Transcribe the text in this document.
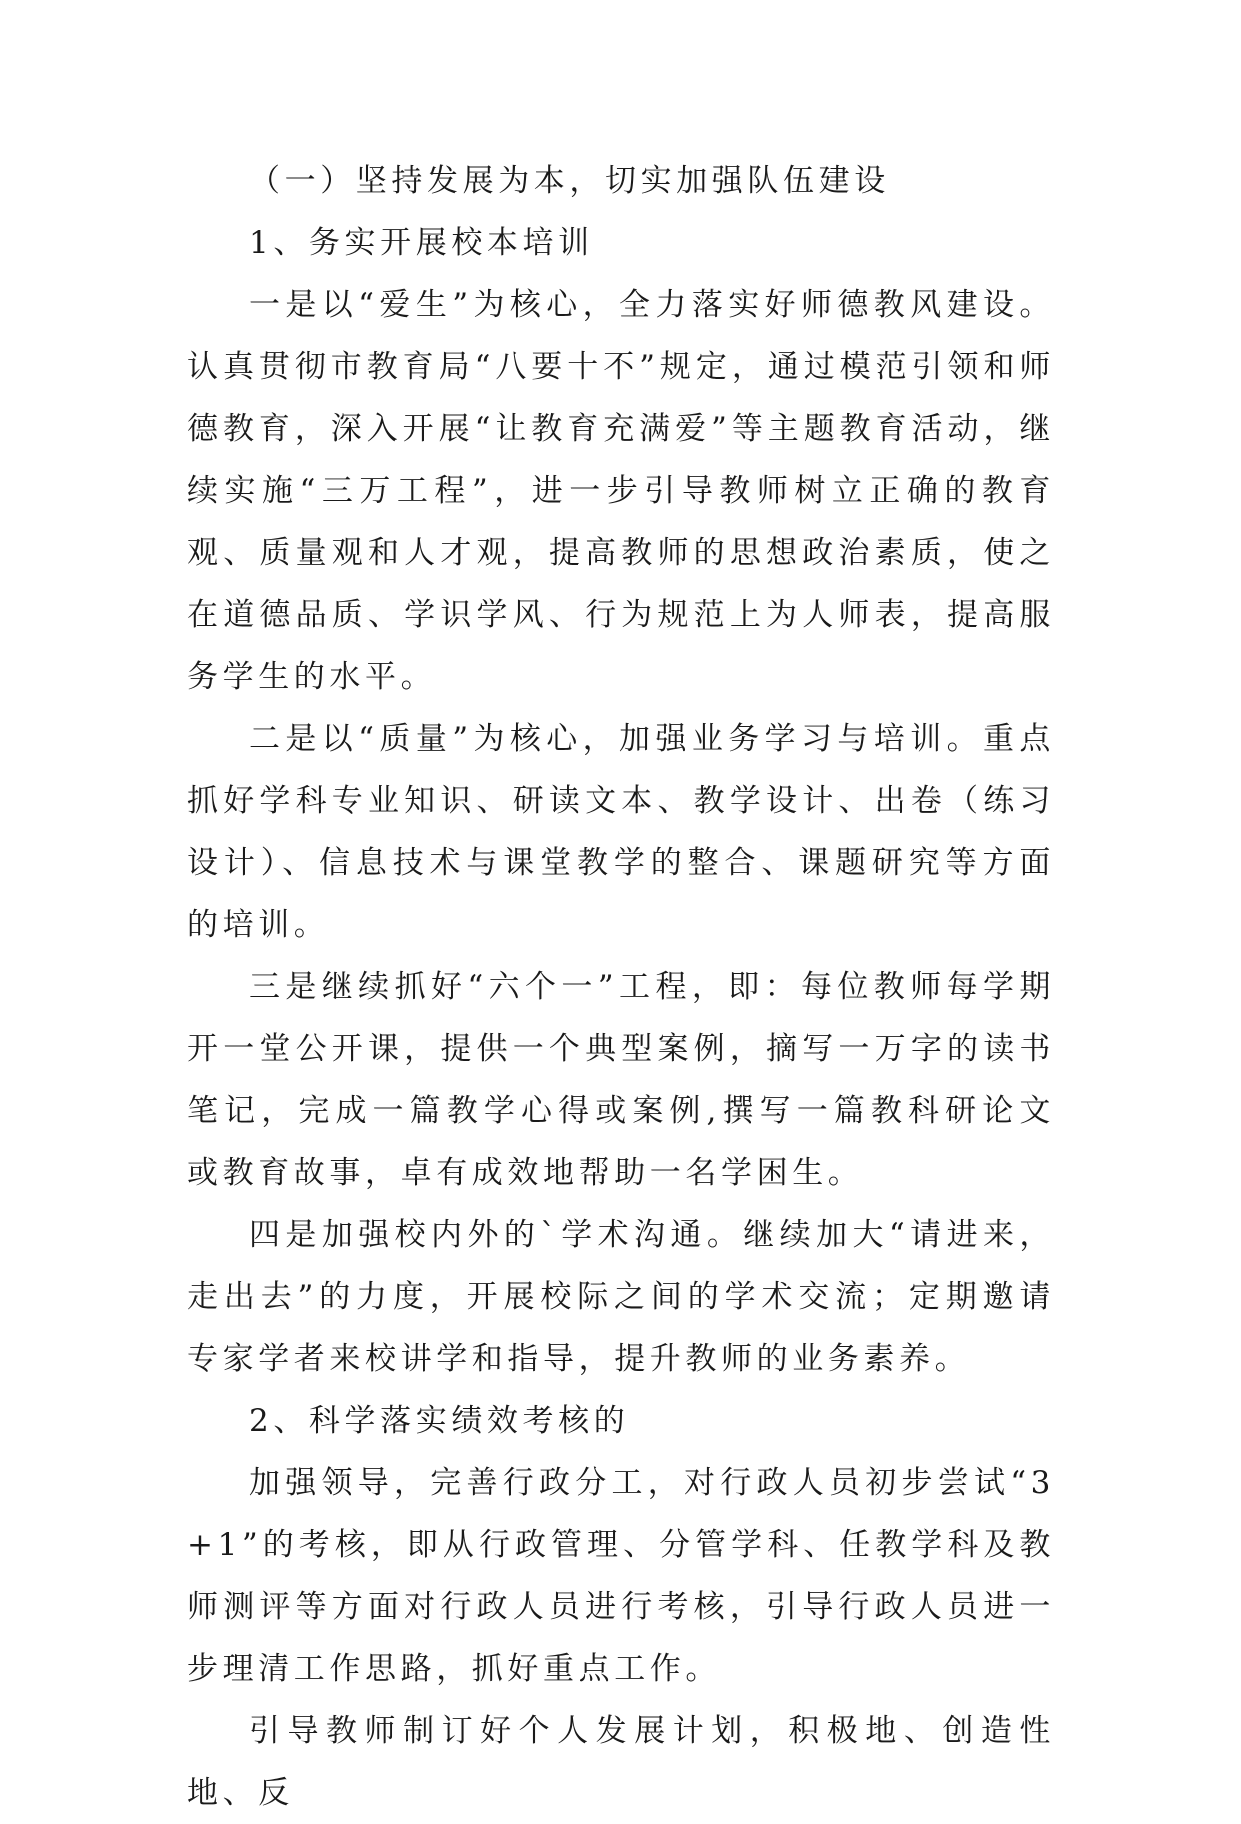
（一）坚持发展为本，切实加强队伍建设

1、务实开展校本培训

一是以“爱生”为核心，全力落实好师德教风建设。认真贯彻市教育局“八要十不”规定，通过模范引领和师德教育，深入开展“让教育充满爱”等主题教育活动，继续实施“三万工程”，进一步引导教师树立正确的教育观、质量观和人才观，提高教师的思想政治素质，使之在道德品质、学识学风、行为规范上为人师表，提高服务学生的水平。

二是以“质量”为核心，加强业务学习与培训。重点抓好学科专业知识、研读文本、教学设计、出卷（练习设计）、信息技术与课堂教学的整合、课题研究等方面的培训。

三是继续抓好“六个一”工程，即：每位教师每学期开一堂公开课，提供一个典型案例，摘写一万字的读书笔记，完成一篇教学心得或案例,撰写一篇教科研论文或教育故事，卓有成效地帮助一名学困生。

四是加强校内外的`学术沟通。继续加大“请进来，走出去”的力度，开展校际之间的学术交流；定期邀请专家学者来校讲学和指导，提升教师的业务素养。

2、科学落实绩效考核的

加强领导，完善行政分工，对行政人员初步尝试“3+1”的考核，即从行政管理、分管学科、任教学科及教师测评等方面对行政人员进行考核，引导行政人员进一步理清工作思路，抓好重点工作。

引导教师制订好个人发展计划，积极地、创造性地、反
